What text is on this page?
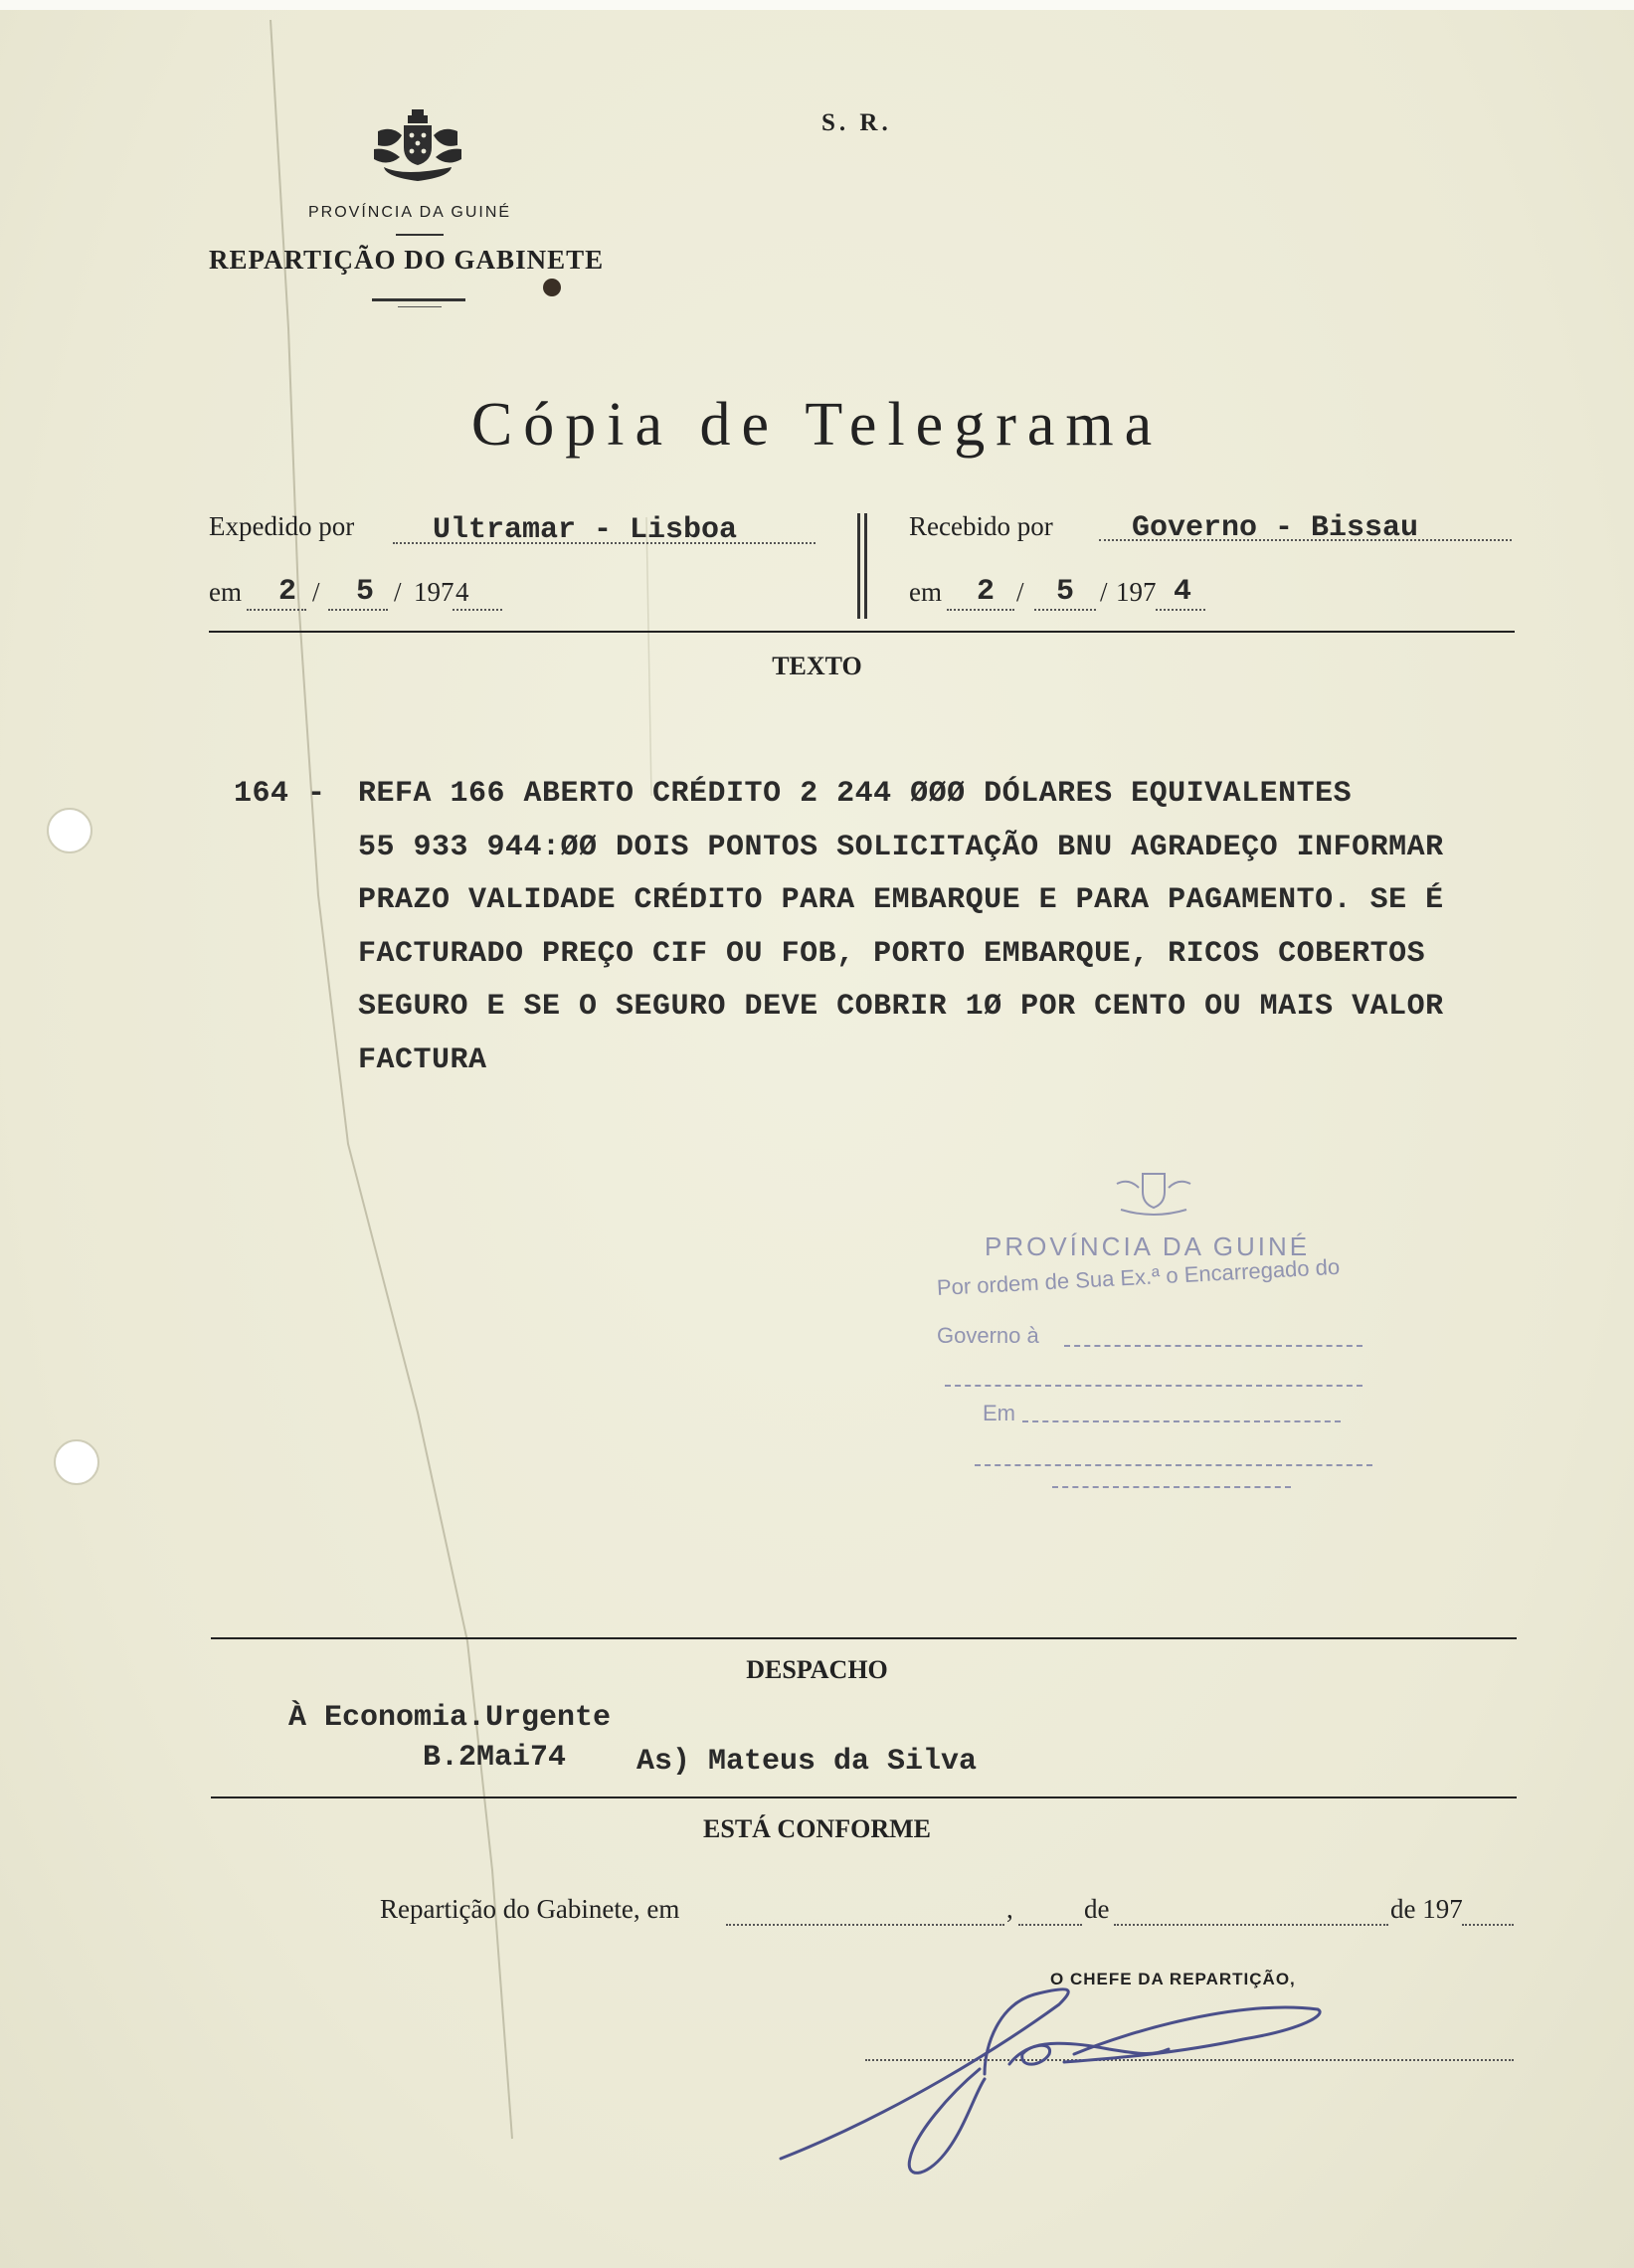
S. R.
PROVÍNCIA DA GUINÉ
REPARTIÇÃO DO GABINETE
Cópia de Telegrama
Expedido por	Ultramar - Lisboa
em 2 / 5 / 197 4
Recebido por	Governo - Bissau
em 2 / 5 / 197 4
TEXTO
164 - REFA 166 ABERTO CRÉDITO 2 244 ØØØ DÓLARES EQUIVALENTES
55 933 944:ØØ DOIS PONTOS SOLICITAÇÃO BNU AGRADEÇO INFORMAR
PRAZO VALIDADE CRÉDITO PARA EMBARQUE E PARA PAGAMENTO. SE É
FACTURADO PREÇO CIF OU FOB, PORTO EMBARQUE, RICOS COBERTOS
SEGURO E SE O SEGURO DEVE COBRIR 1Ø POR CENTO OU MAIS VALOR
FACTURA
PROVÍNCIA DA GUINÉ
Por ordem de Sua Ex.ª o Encarregado do
Governo à
Em
DESPACHO
À Economia.Urgente
B.2Mai74 As) Mateus da Silva
ESTÁ CONFORME
Repartição do Gabinete, em	,	de	de 197
O CHEFE DA REPARTIÇÃO,
